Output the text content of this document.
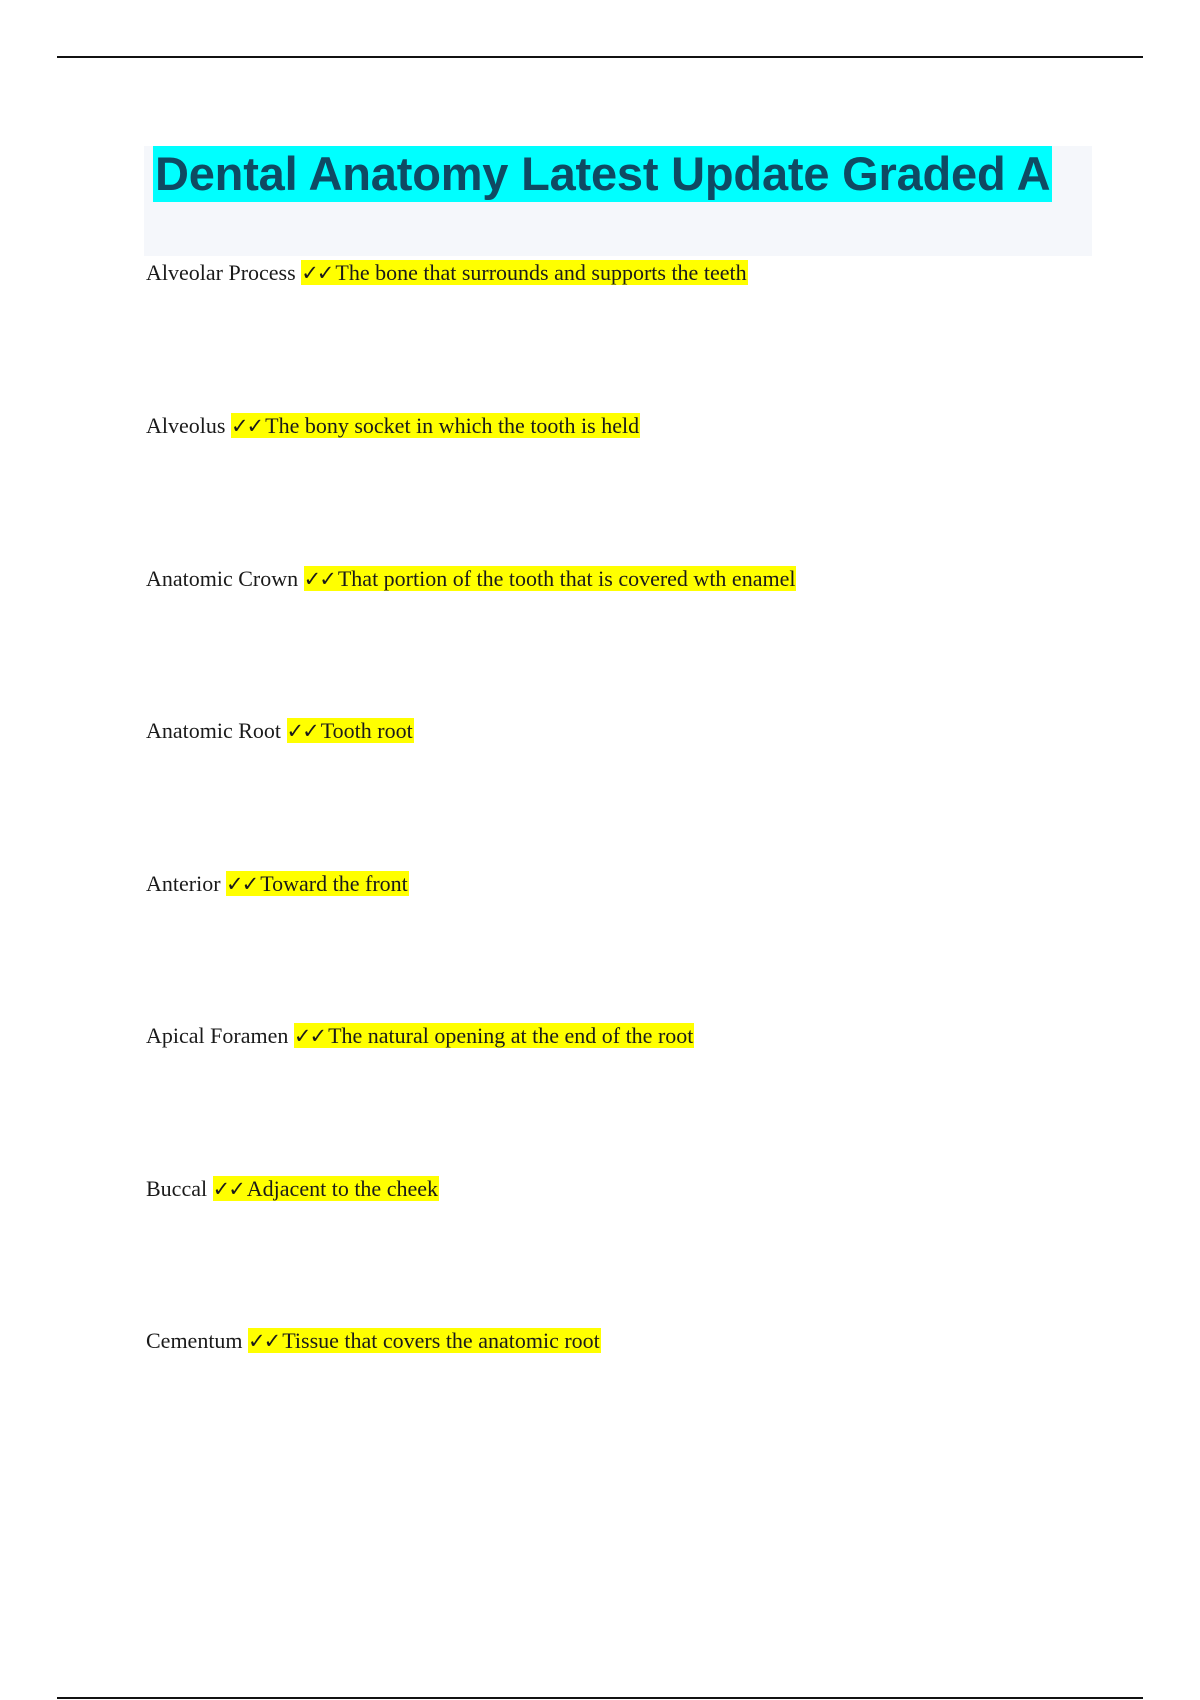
Dental Anatomy Latest Update Graded A
Alveolar Process ✓✓ The bone that surrounds and supports the teeth
Alveolus ✓✓ The bony socket in which the tooth is held
Anatomic Crown ✓✓ That portion of the tooth that is covered wth enamel
Anatomic Root ✓✓ Tooth root
Anterior ✓✓ Toward the front
Apical Foramen ✓✓ The natural opening at the end of the root
Buccal ✓✓ Adjacent to the cheek
Cementum ✓✓ Tissue that covers the anatomic root
